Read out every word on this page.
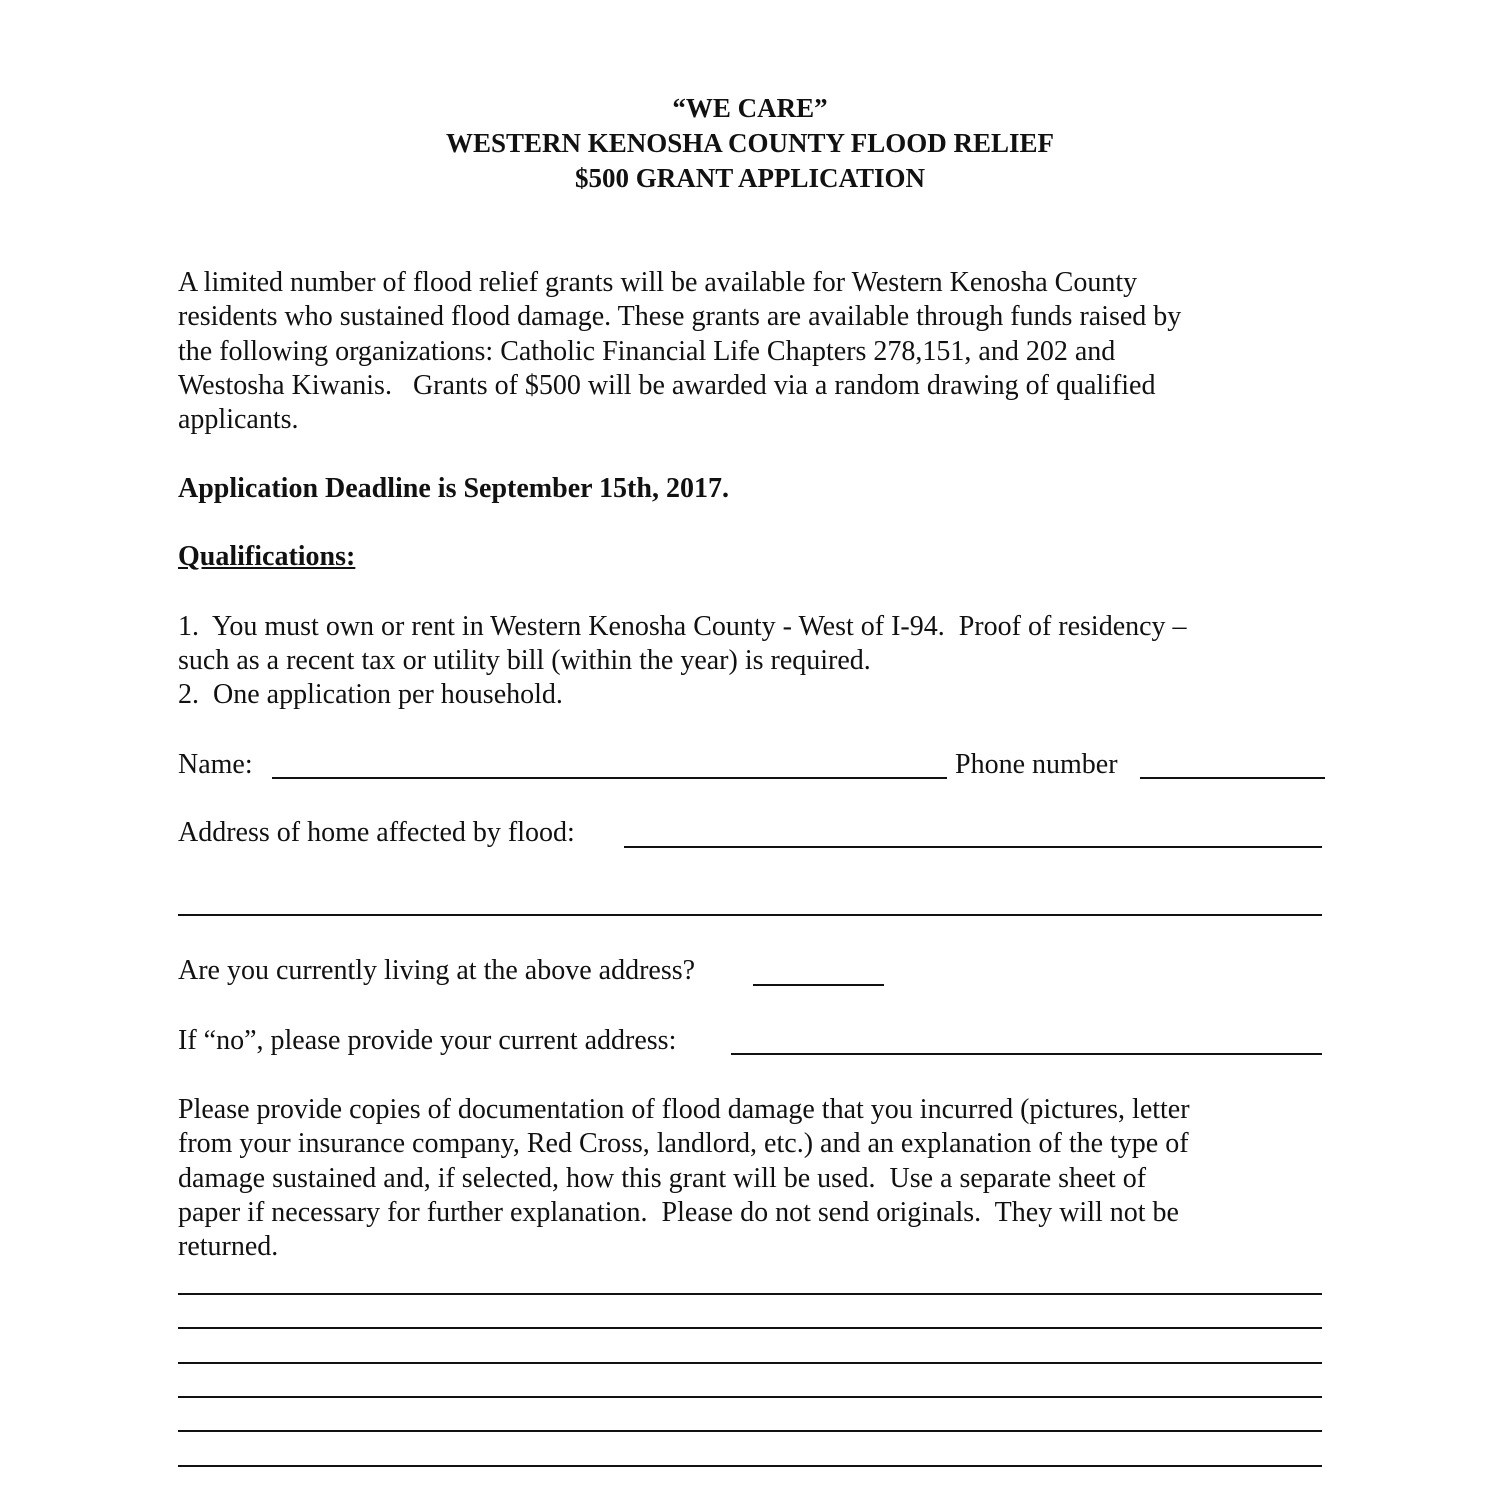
“WE CARE”
WESTERN KENOSHA COUNTY FLOOD RELIEF
$500 GRANT APPLICATION
A limited number of flood relief grants will be available for Western Kenosha County
residents who sustained flood damage. These grants are available through funds raised by
the following organizations: Catholic Financial Life Chapters 278,151, and 202 and
Westosha Kiwanis.   Grants of $500 will be awarded via a random drawing of qualified
applicants.
Application Deadline is September 15th, 2017.
Qualifications:
1.  You must own or rent in Western Kenosha County - West of I-94.  Proof of residency –
such as a recent tax or utility bill (within the year) is required.
2.  One application per household.
Name:	Phone number
Address of home affected by flood:
Are you currently living at the above address?
If “no”, please provide your current address:
Please provide copies of documentation of flood damage that you incurred (pictures, letter
from your insurance company, Red Cross, landlord, etc.) and an explanation of the type of
damage sustained and, if selected, how this grant will be used.  Use a separate sheet of
paper if necessary for further explanation.  Please do not send originals.  They will not be
returned.
